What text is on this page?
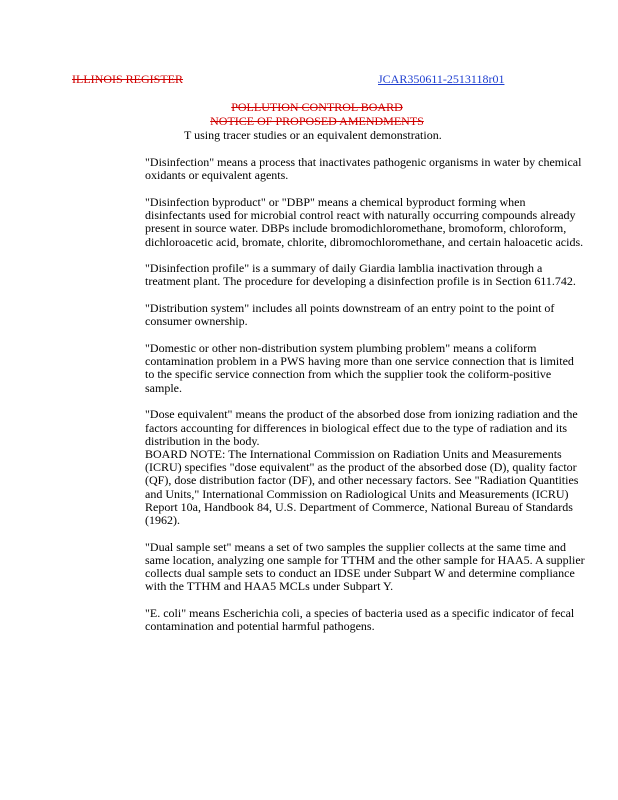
ILLINOIS REGISTER	JCAR350611-2513118r01
POLLUTION CONTROL BOARD
NOTICE OF PROPOSED AMENDMENTS
T using tracer studies or an equivalent demonstration.

"Disinfection" means a process that inactivates pathogenic organisms in water by chemical oxidants or equivalent agents.

"Disinfection byproduct" or "DBP" means a chemical byproduct forming when disinfectants used for microbial control react with naturally occurring compounds already present in source water. DBPs include bromodichloromethane, bromoform, chloroform, dichloroacetic acid, bromate, chlorite, dibromochloromethane, and certain haloacetic acids.

"Disinfection profile" is a summary of daily Giardia lamblia inactivation through a treatment plant. The procedure for developing a disinfection profile is in Section 611.742.

"Distribution system" includes all points downstream of an entry point to the point of consumer ownership.

"Domestic or other non-distribution system plumbing problem" means a coliform contamination problem in a PWS having more than one service connection that is limited to the specific service connection from which the supplier took the coliform-positive sample.

"Dose equivalent" means the product of the absorbed dose from ionizing radiation and the factors accounting for differences in biological effect due to the type of radiation and its distribution in the body.

BOARD NOTE: The International Commission on Radiation Units and Measurements (ICRU) specifies "dose equivalent" as the product of the absorbed dose (D), quality factor (QF), dose distribution factor (DF), and other necessary factors. See "Radiation Quantities and Units," International Commission on Radiological Units and Measurements (ICRU) Report 10a, Handbook 84, U.S. Department of Commerce, National Bureau of Standards (1962).

"Dual sample set" means a set of two samples the supplier collects at the same time and same location, analyzing one sample for TTHM and the other sample for HAA5. A supplier collects dual sample sets to conduct an IDSE under Subpart W and determine compliance with the TTHM and HAA5 MCLs under Subpart Y.

"E. coli" means Escherichia coli, a species of bacteria used as a specific indicator of fecal contamination and potential harmful pathogens.
